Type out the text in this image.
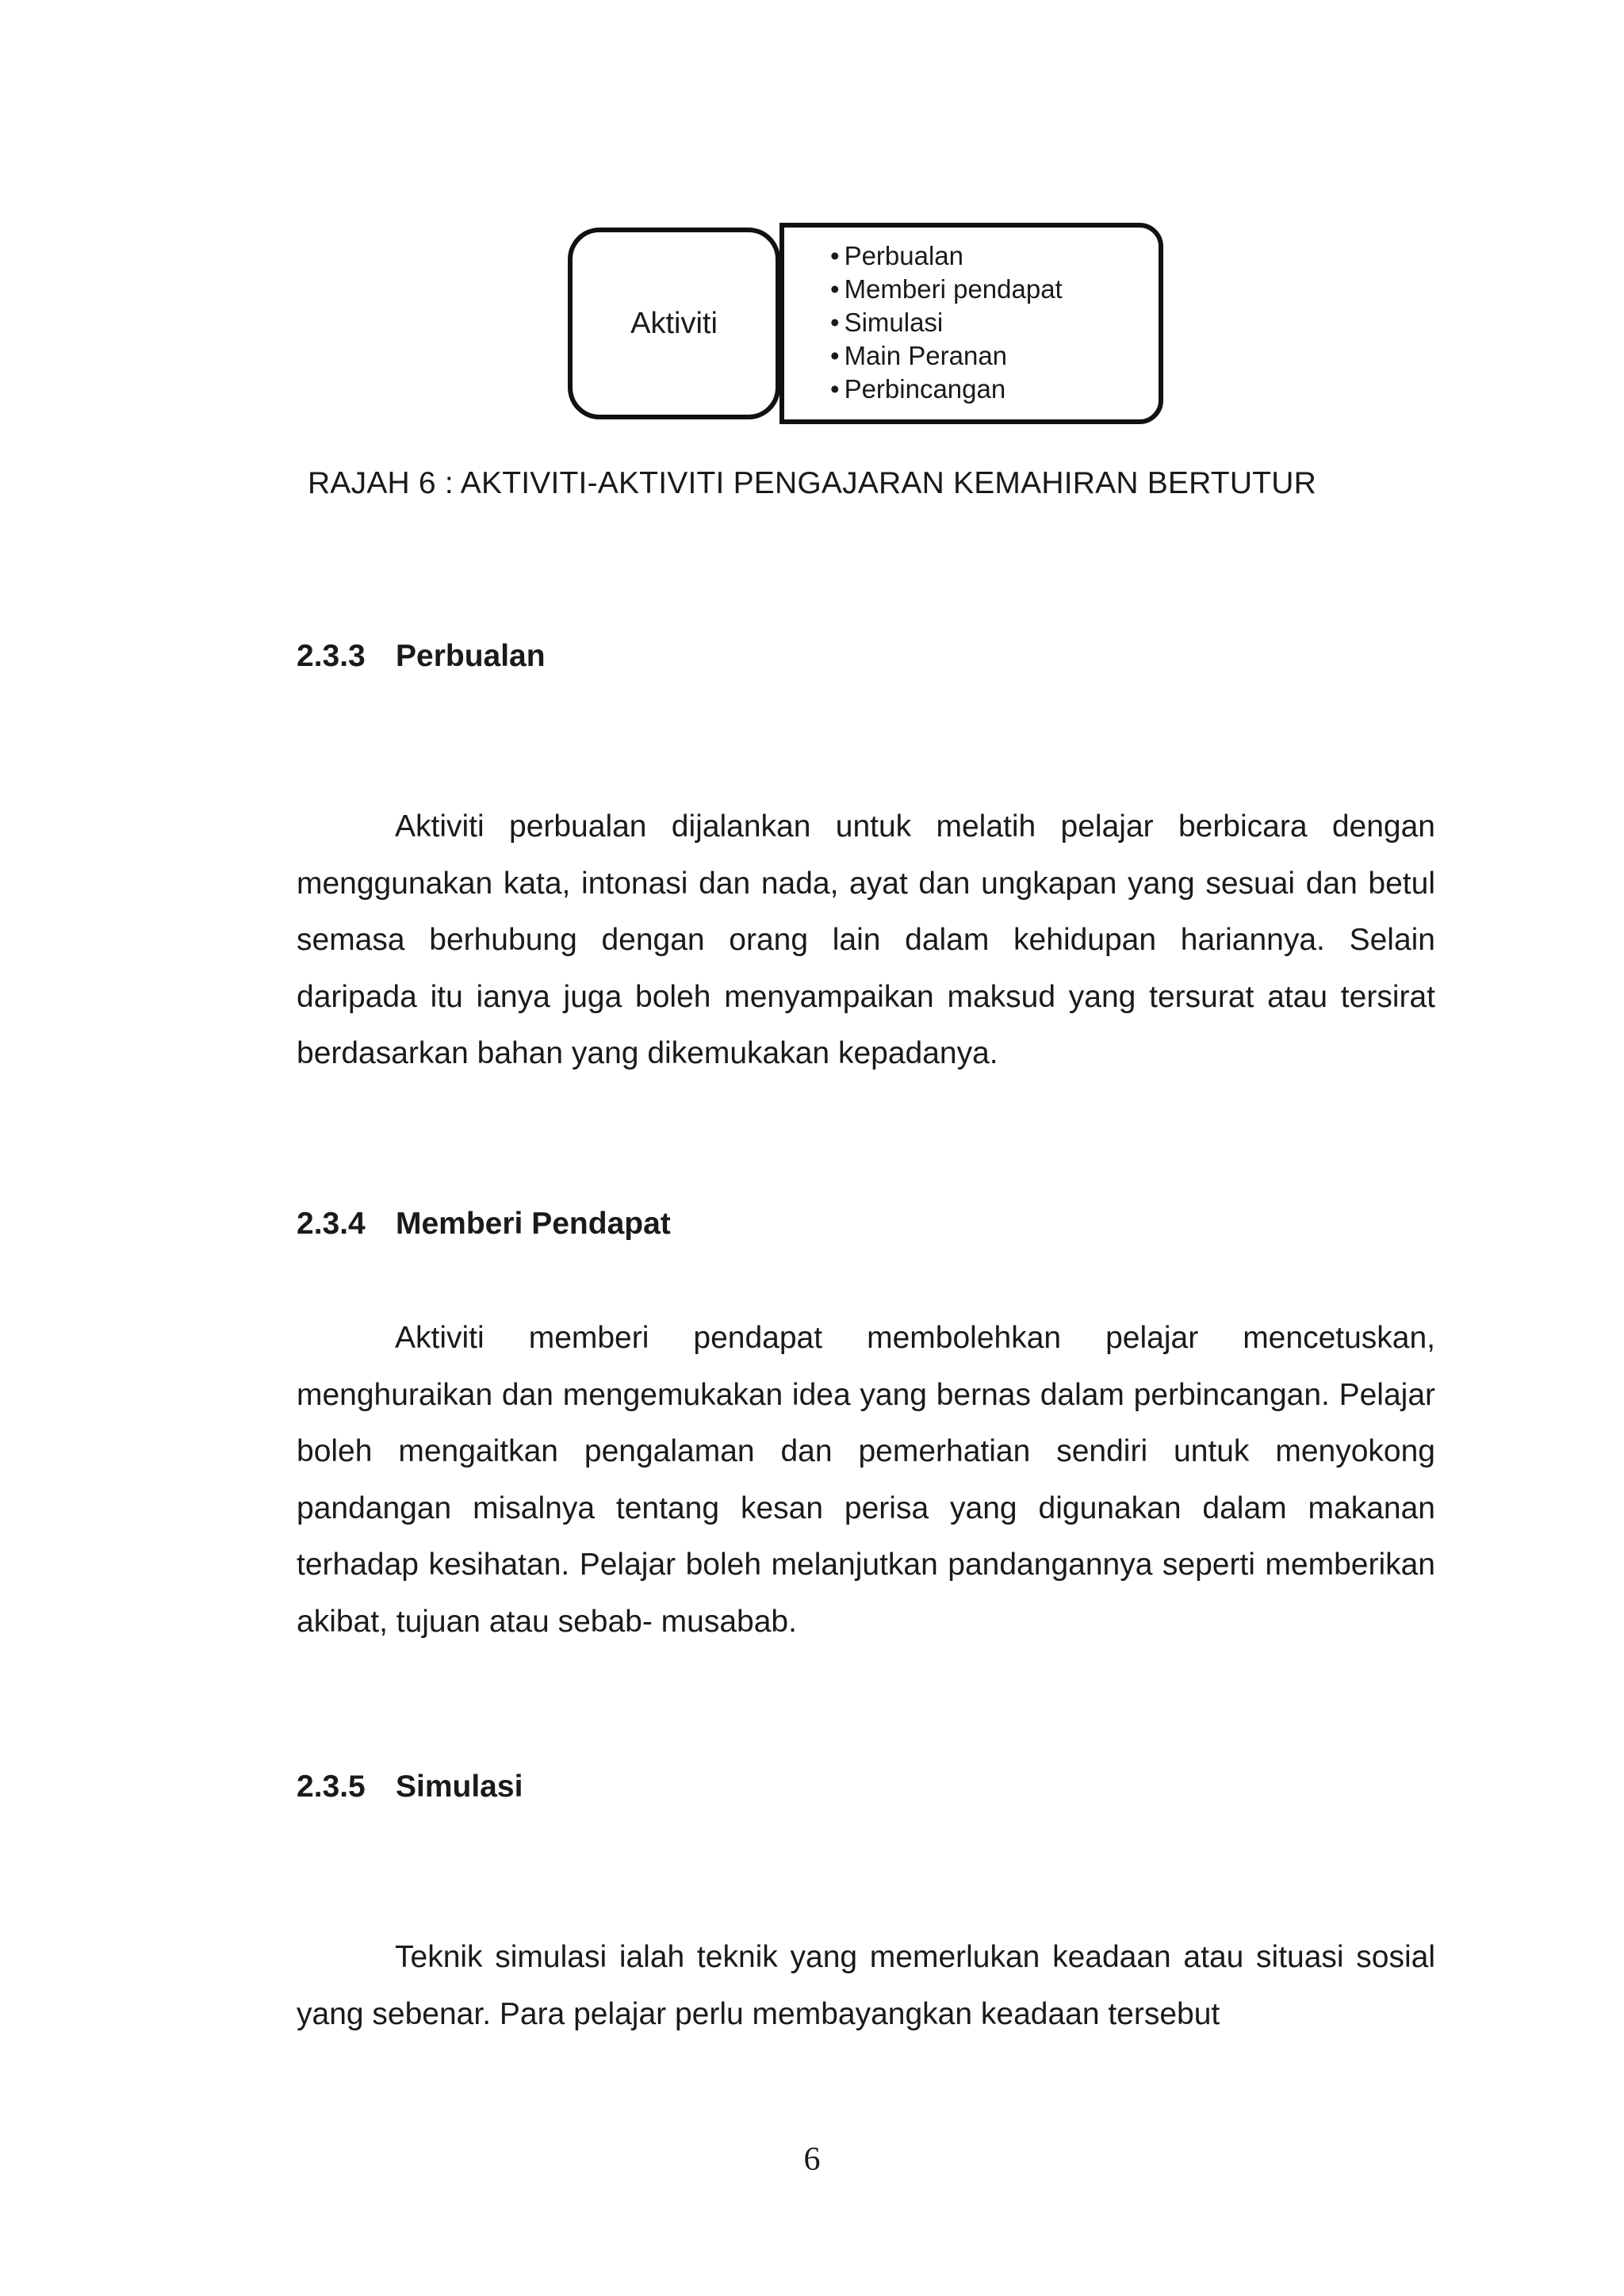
Aktiviti
• Perbualan
• Memberi pendapat
• Simulasi
• Main Peranan
• Perbincangan
RAJAH 6 : AKTIVITI-AKTIVITI PENGAJARAN KEMAHIRAN BERTUTUR
2.3.3 Perbualan

Aktiviti perbualan dijalankan untuk melatih pelajar berbicara dengan menggunakan kata, intonasi dan nada, ayat dan ungkapan yang sesuai dan betul semasa berhubung dengan orang lain dalam kehidupan hariannya. Selain daripada itu ianya juga boleh menyampaikan maksud yang tersurat atau tersirat berdasarkan bahan yang dikemukakan kepadanya.

2.3.4 Memberi Pendapat

Aktiviti memberi pendapat membolehkan pelajar mencetuskan, menghuraikan dan mengemukakan idea yang bernas dalam perbincangan. Pelajar boleh mengaitkan pengalaman dan pemerhatian sendiri untuk menyokong pandangan misalnya tentang kesan perisa yang digunakan dalam makanan terhadap kesihatan. Pelajar boleh melanjutkan pandangannya seperti memberikan akibat, tujuan atau sebab- musabab.

2.3.5 Simulasi

Teknik simulasi ialah teknik yang memerlukan keadaan atau situasi sosial yang sebenar. Para pelajar perlu membayangkan keadaan tersebut

6
